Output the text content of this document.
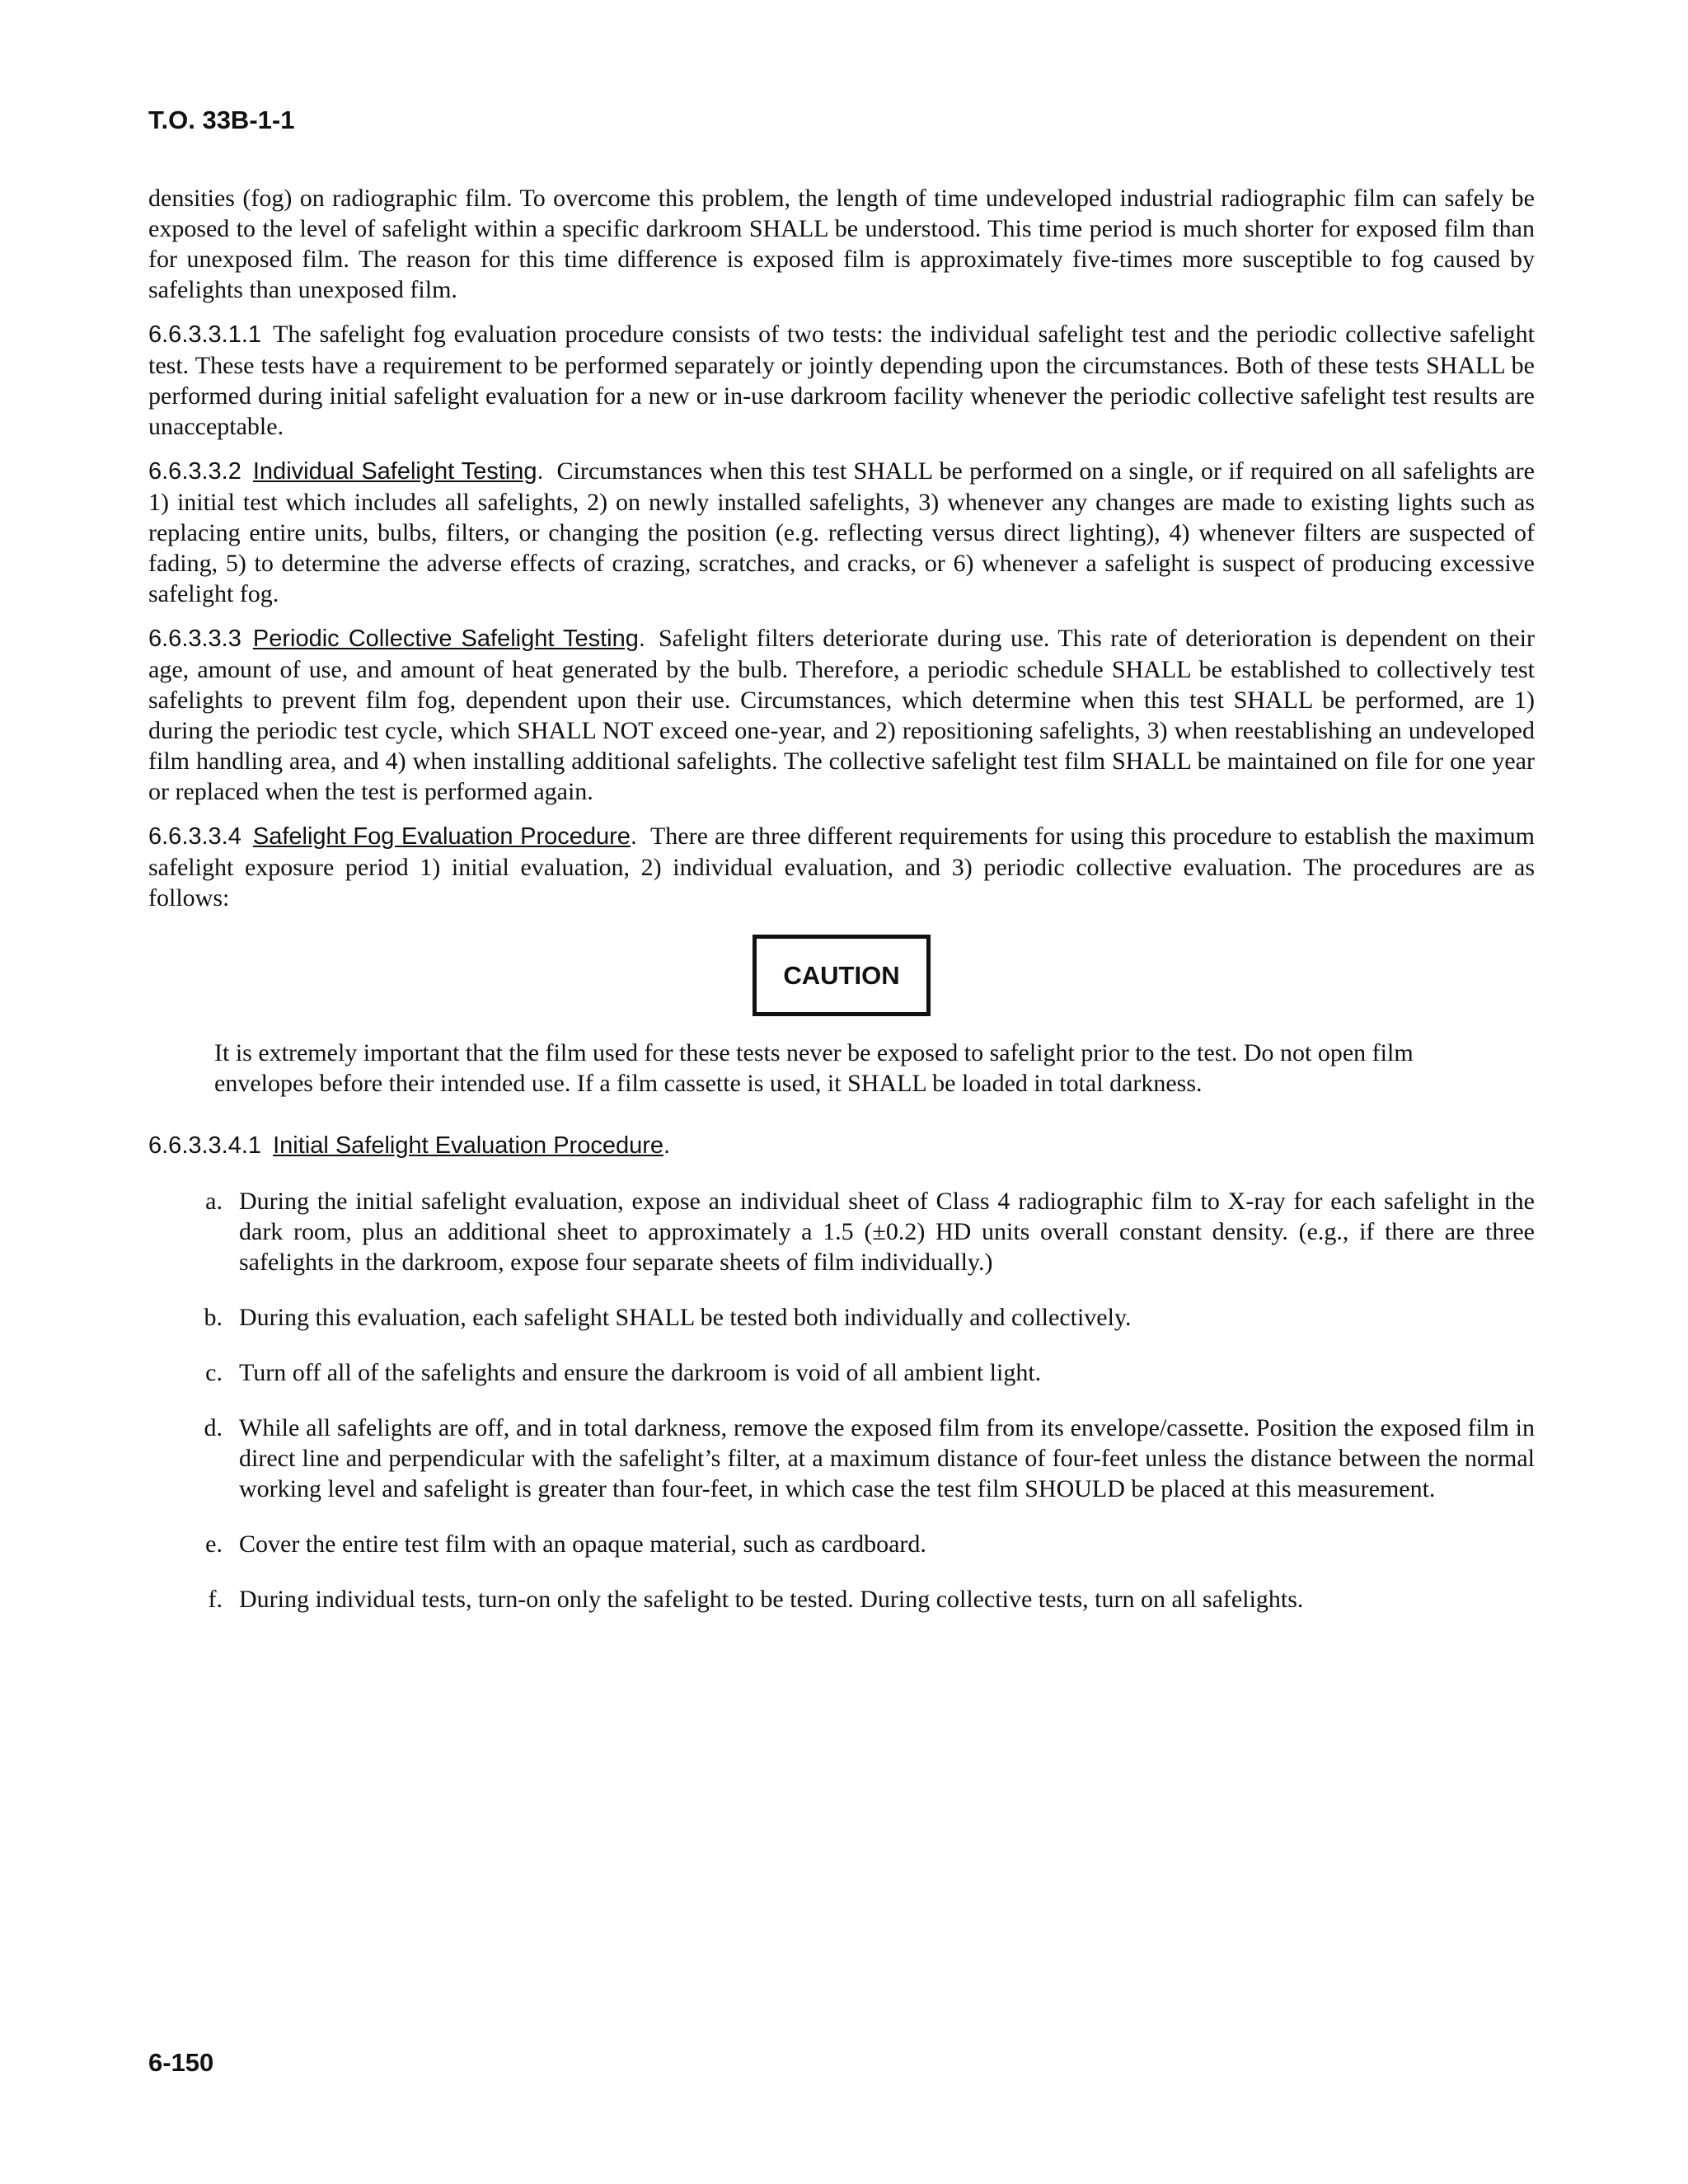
T.O. 33B-1-1

densities (fog) on radiographic film. To overcome this problem, the length of time undeveloped industrial radiographic film can safely be exposed to the level of safelight within a specific darkroom SHALL be understood. This time period is much shorter for exposed film than for unexposed film. The reason for this time difference is exposed film is approximately five-times more susceptible to fog caused by safelights than unexposed film.

6.6.3.3.1.1 The safelight fog evaluation procedure consists of two tests: the individual safelight test and the periodic collective safelight test. These tests have a requirement to be performed separately or jointly depending upon the circumstances. Both of these tests SHALL be performed during initial safelight evaluation for a new or in-use darkroom facility whenever the periodic collective safelight test results are unacceptable.

6.6.3.3.2 Individual Safelight Testing. Circumstances when this test SHALL be performed on a single, or if required on all safelights are 1) initial test which includes all safelights, 2) on newly installed safelights, 3) whenever any changes are made to existing lights such as replacing entire units, bulbs, filters, or changing the position (e.g. reflecting versus direct lighting), 4) whenever filters are suspected of fading, 5) to determine the adverse effects of crazing, scratches, and cracks, or 6) whenever a safelight is suspect of producing excessive safelight fog.

6.6.3.3.3 Periodic Collective Safelight Testing. Safelight filters deteriorate during use. This rate of deterioration is dependent on their age, amount of use, and amount of heat generated by the bulb. Therefore, a periodic schedule SHALL be established to collectively test safelights to prevent film fog, dependent upon their use. Circumstances, which determine when this test SHALL be performed, are 1) during the periodic test cycle, which SHALL NOT exceed one-year, and 2) repositioning safelights, 3) when reestablishing an undeveloped film handling area, and 4) when installing additional safelights. The collective safelight test film SHALL be maintained on file for one year or replaced when the test is performed again.

6.6.3.3.4 Safelight Fog Evaluation Procedure. There are three different requirements for using this procedure to establish the maximum safelight exposure period 1) initial evaluation, 2) individual evaluation, and 3) periodic collective evaluation. The procedures are as follows:

CAUTION

It is extremely important that the film used for these tests never be exposed to safelight prior to the test. Do not open film envelopes before their intended use. If a film cassette is used, it SHALL be loaded in total darkness.

6.6.3.3.4.1 Initial Safelight Evaluation Procedure.

a. During the initial safelight evaluation, expose an individual sheet of Class 4 radiographic film to X-ray for each safelight in the dark room, plus an additional sheet to approximately a 1.5 (±0.2) HD units overall constant density. (e.g., if there are three safelights in the darkroom, expose four separate sheets of film individually.)
b. During this evaluation, each safelight SHALL be tested both individually and collectively.
c. Turn off all of the safelights and ensure the darkroom is void of all ambient light.
d. While all safelights are off, and in total darkness, remove the exposed film from its envelope/cassette. Position the exposed film in direct line and perpendicular with the safelight’s filter, at a maximum distance of four-feet unless the distance between the normal working level and safelight is greater than four-feet, in which case the test film SHOULD be placed at this measurement.
e. Cover the entire test film with an opaque material, such as cardboard.
f. During individual tests, turn-on only the safelight to be tested. During collective tests, turn on all safelights.
6-150
